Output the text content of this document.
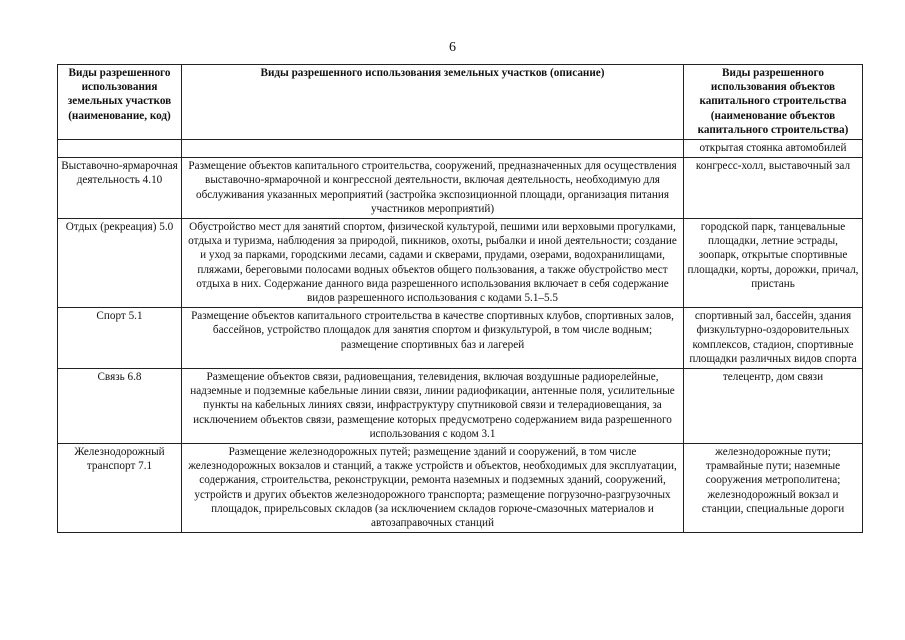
6
Виды разрешенного использования земельных участков (наименование, код)	Виды разрешенного использования земельных участков (описание)	Виды разрешенного использования объектов капитального строительства (наименование объектов капитального строительства)
		открытая стоянка автомобилей
Выставочно-ярмарочная деятельность 4.10	Размещение объектов капитального строительства, сооружений, предназначенных для осуществления выставочно-ярмарочной и конгрессной деятельности, включая деятельность, необходимую для обслуживания указанных мероприятий (застройка экспозиционной площади, организация питания участников мероприятий)	конгресс-холл, выставочный зал
Отдых (рекреация) 5.0	Обустройство мест для занятий спортом, физической культурой, пешими или верховыми прогулками, отдыха и туризма, наблюдения за природой, пикников, охоты, рыбалки и иной деятельности; создание и уход за парками, городскими лесами, садами и скверами, прудами, озерами, водохранилищами, пляжами, береговыми полосами водных объектов общего пользования, а также обустройство мест отдыха в них. Содержание данного вида разрешенного использования включает в себя содержание видов разрешенного использования с кодами 5.1–5.5	городской парк, танцевальные площадки, летние эстрады, зоопарк, открытые спортивные площадки, корты, дорожки, причал, пристань
Спорт 5.1	Размещение объектов капитального строительства в качестве спортивных клубов, спортивных залов, бассейнов, устройство площадок для занятия спортом и физкультурой, в том числе водным; размещение спортивных баз и лагерей	спортивный зал, бассейн, здания физкультурно-оздоровительных комплексов, стадион, спортивные площадки различных видов спорта
Связь 6.8	Размещение объектов связи, радиовещания, телевидения, включая воздушные радиорелейные, надземные и подземные кабельные линии связи, линии радиофикации, антенные поля, усилительные пункты на кабельных линиях связи, инфраструктуру спутниковой связи и телерадиовещания, за исключением объектов связи, размещение которых предусмотрено содержанием вида разрешенного использования с кодом 3.1	телецентр, дом связи
Железнодорожный транспорт 7.1	Размещение железнодорожных путей; размещение зданий и сооружений, в том числе железнодорожных вокзалов и станций, а также устройств и объектов, необходимых для эксплуатации, содержания, строительства, реконструкции, ремонта наземных и подземных зданий, сооружений, устройств и других объектов железнодорожного транспорта; размещение погрузочно-разгрузочных площадок, прирельсовых складов (за исключением складов горюче-смазочных материалов и автозаправочных станций	железнодорожные пути; трамвайные пути; наземные сооружения метрополитена; железнодорожный вокзал и станции, специальные дороги
